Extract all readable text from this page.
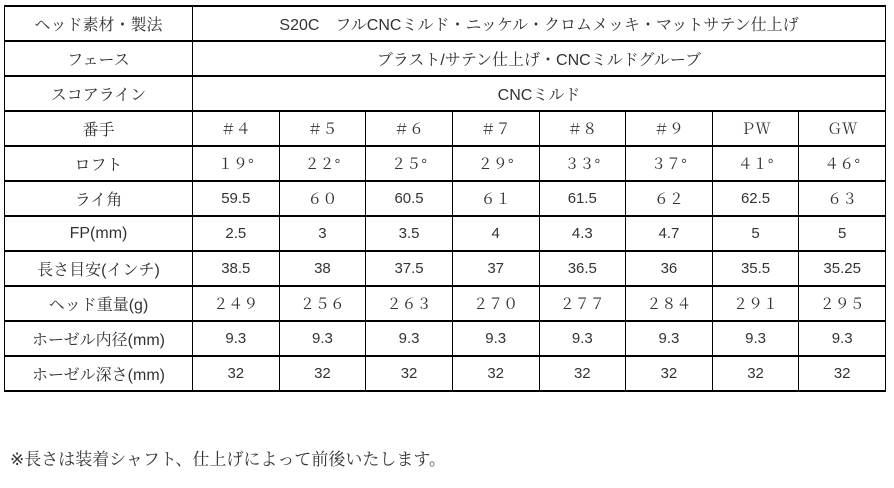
ヘッド素材・製法	S20C　フルCNCミルド・ニッケル・クロムメッキ・マットサテン仕上げ							
フェース	ブラスト/サテン仕上げ・CNCミルドグルーブ							
スコアライン	CNCミルド							
番手	＃４	＃５	＃６	＃７	＃８	＃９	ＰＷ	ＧＷ
ロフト	１９°	２２°	２５°	２９°	３３°	３７°	４１°	４６°
ライ角	59.5	６０	60.5	６１	61.5	６２	62.5	６３
FP(mm)	2.5	3	3.5	4	4.3	4.7	5	5
長さ目安(インチ)	38.5	38	37.5	37	36.5	36	35.5	35.25
ヘッド重量(g)	２４９	２５６	２６３	２７０	２７７	２８４	２９１	２９５
ホーゼル内径(mm)	9.3	9.3	9.3	9.3	9.3	9.3	9.3	9.3
ホーゼル深さ(mm)	32	32	32	32	32	32	32	32
※長さは装着シャフト、仕上げによって前後いたします。
